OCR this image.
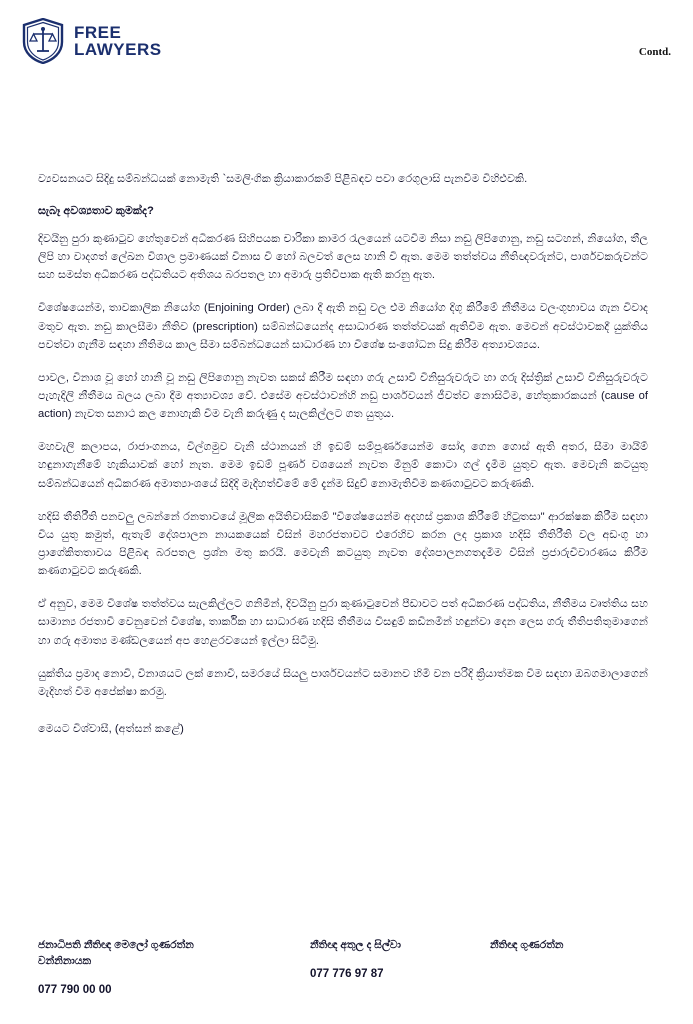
FREE
LAWYERS	Contd.

ව්‍යවසනයට සිදිදු සම්බන්ධයක් නොමැති `සමලිංගික ක්‍රියාකාරකම් පිළිබඳව පවා රෙගුලාසි පැනවීම විහිළුවකි.

සැබෑ අවශ්‍යතාව කුමක්ද?

දිවයිනු පුරා කුණාටුව හේතුවෙන් අධිකරණ සිහිපයක චාරිකා කාමර රැලයෙන් යටවීම නිසා නඩු ලිපිගොනු, නඩු සටහන්, නියෝග, තීල ලිපි හා වාදගත් ලේඛන විශාල ප්‍රමාණයක් විනාස වී හෝ බලවත් ලෙස හානි වී ඇත. මෙම තත්ත්වය නීතිඥවරුන්ට, පාර්ශවකරුවන්ට සහ සමස්ත අධිකරණ පද්ධතියට අතිශය බරපතල හා අමාරු ප්‍රතිවිපාක ඇති කරනු ඇත.

විශේෂයෙන්ම, තාවකාලික නියෝග (Enjoining Order) ලබා දී ඇති නඩු වල එම නියෝග දිගු කිරීමේ නීතීමය වලංගුභාවය ගැන විවාද මතුව ඇත. නඩු කාලසීමා නීතිව (prescription) සම්බන්ධයෙන්ද අසාධාරණ තත්ත්වයක් ඇතිවීම ඇත. මෙවන් අවස්ථාවකදී යුක්තිය පවත්වා ගැනීම සඳහා නීතිමය කාල සීමා සම්බන්ධයෙන් සාධාරණ හා විශේෂ සංශෝධන සිදු කිරීම අත්‍යාවශ්‍යය.

පාවල, විනාශ වූ හෝ හානි වූ නඩු ලිපිගොනු නැවත සකස් කිරීම සඳහා ගරු උසාවි විනිසුරුවරුට හා ගරු දිස්ත්‍රික් උසාවි විනිසුරුවරුට පැහැදිලි නීතීමය බලය ලබා දීම අත්‍යාවශ්‍ය වේ. එසේම අවස්ථාවන්හි නඩු පාර්ශවයන් ජීවත්ව නොසිටීම, හේතුකාරකයන් (cause of action) නැවත සනාථ කල නොහැකි වීම වැනි කරුණු ද සැලකිල්ලට ගත යුතුය.

මහවැලි කලාපය, රාජාංගනය, විල්ගමුව වැනි ස්ථානයන් හි ඉඩම් සම්පූර්ණයෙන්ම සෝදා ගෙන ගොස් ඇති අතර, සීමා මායිම් හඳුනාගැනීමේ හැකියාවක් හෝ නැත. මෙම ඉඩම් පූර්ණ වශයෙන් නැවත මිනුම් කොටා ගල් දැමීම යුතුව ඇත. මෙවැනි කටයුතු සම්බන්ධයෙන් අධිකරණ අමාත්‍යාංශයේ සිදිදි මැදිහත්වීමේ මේ දැන්ම සිදුව් නොමැතිවීම කණගාටුවට කරුණකි.

හදිසි තීතිරීති පනවලු ලබන්නේ රනතාවයේ මූලික අයිතිවාසිකම් "විශේෂයෙන්ම අදහස් ප්‍රකාශ කිරීමේ හිටුතසා" ආරක්ෂක කිරීම සඳහා විය යුතු කමුත්, ඇතැම් දේශපාලන නායකයෙක් විසින් මහරජතාවට එරෙහිව කරන ලද ප්‍රකාශ හදිසි තීතිරීති වල අඩංගු හා ප්‍රාගේකිතතාවය පිළිබඳ බරපතල ප්‍රශ්න මතු කරයි. මෙවැනි කටයුතු නැවත දේශපාලනගතදැමීම විසින් ප්‍රජාරුචිවාරණය කිරීම කණගාටුවට කරුණකි.

ඒ අනුව, මෙම විශේෂ තත්ත්වය සැලකිල්ලට ගනිමින්, දිවයිනු පුරා කුණාටුවෙන් පීඩාවට පත් අධිකරණ පද්ධතිය, නීතීමය වෘත්තිය සහ සාමාන්‍ය රජතාවී වෙනුවෙන් විශේෂ, තාර්කික හා සාධාරණ හදිසි තීතීමය විසඳුම් කඩිනමින් හඳුන්වා දෙන ලෙස ගරු තීතිපතිතුමාගෙන් හා ගරු අමාත්‍ය මණ්ඩලයෙන් අප හෙළරවයෙන් ඉල්ලා සිටිමු.

යුක්තිය ප්‍රමාද නොවී, විනාශයට ලක් නොවී, සමරයේ සියලු පාර්ශවයන්ට සමානව හිමි වන පරිදි ක්‍රියාත්මක වීම සඳහා ඔබගමාලාගෙන් මැදිහත් වීම අපේක්ෂා කරමු.

මෙයට විශ්වාසී, (අත්සන් කළේ)

ජනාධිපති නීතිඥ මෙලෝ ගුණරත්න
වන්නිනායක
077 790 00 00
නීතිඥ අතුල ද සිල්වා
077 776 97 87
නීතිඥ ගුණරත්න
